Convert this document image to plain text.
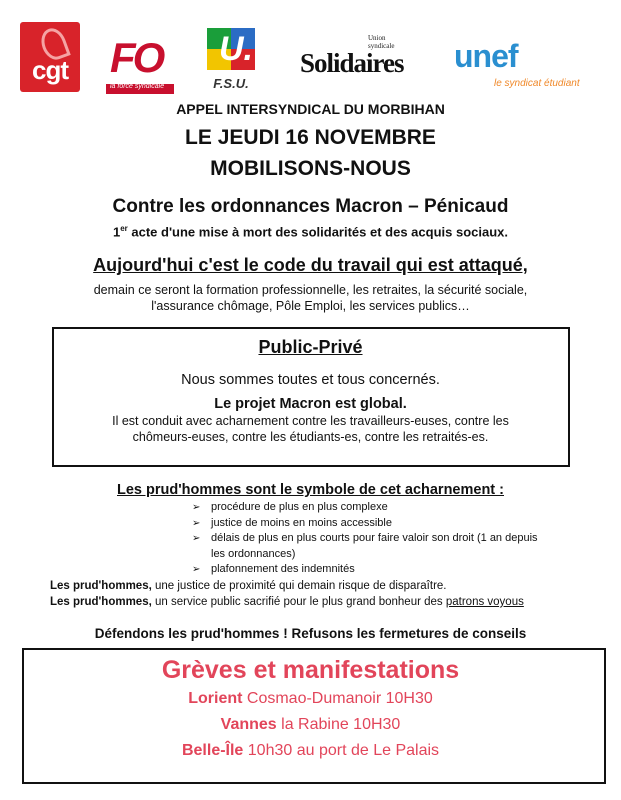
cgt FO
la force syndicale
U.
F.S.U.
Union syndicale
Solidaires unef
le syndicat étudiant
APPEL INTERSYNDICAL DU MORBIHAN
LE JEUDI 16 NOVEMBRE
MOBILISONS-NOUS
Contre les ordonnances Macron – Pénicaud
1er acte d'une mise à mort des solidarités et des acquis sociaux.
Aujourd'hui c'est le code du travail qui est attaqué,
demain ce seront la formation professionnelle, les retraites, la sécurité sociale,
l'assurance chômage, Pôle Emploi, les services publics…
Public-Privé
Nous sommes toutes et tous concernés.
Le projet Macron est global.
Il est conduit avec acharnement contre les travailleurs-euses, contre les
chômeurs-euses, contre les étudiants-es, contre les retraités-es.
Les prud'hommes sont le symbole de cet acharnement :
➢ procédure de plus en plus complexe
➢ justice de moins en moins accessible
➢ délais de plus en plus courts pour faire valoir son droit (1 an depuis
les ordonnances)
➢ plafonnement des indemnités
Les prud'hommes, une justice de proximité qui demain risque de disparaître.
Les prud'hommes, un service public sacrifié pour le plus grand bonheur des patrons voyous
Défendons les prud'hommes ! Refusons les fermetures de conseils
Grèves et manifestations
Lorient Cosmao-Dumanoir 10H30
Vannes la Rabine 10H30
Belle-Île 10h30 au port de Le Palais
